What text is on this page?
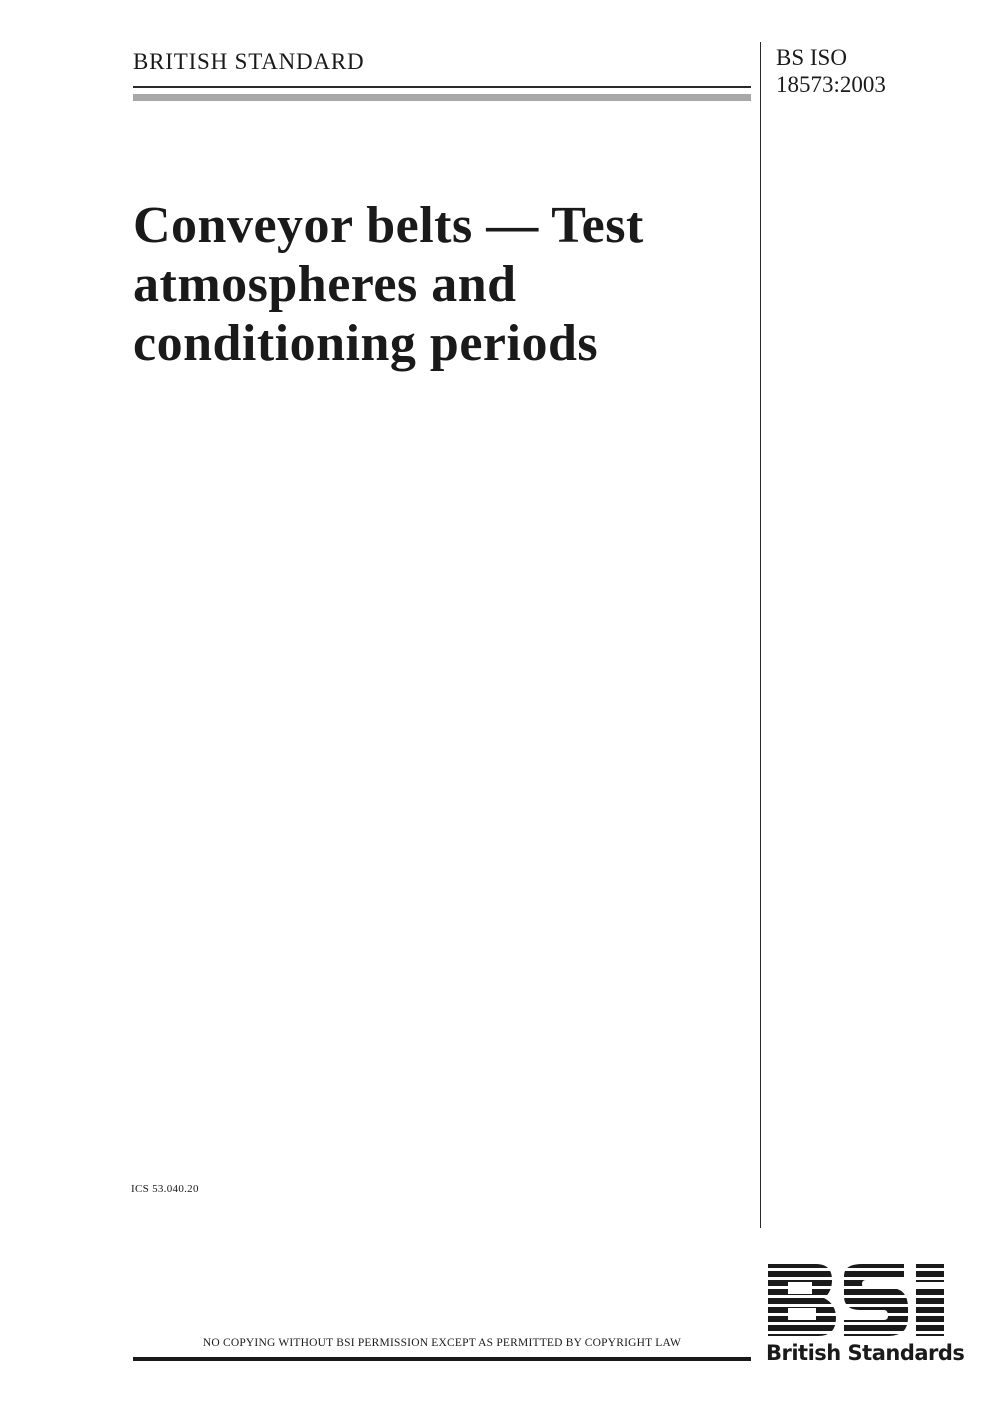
BRITISH STANDARD	BS ISO
18573:2003
Conveyor belts — Test
atmospheres and
conditioning periods
ICS 53.040.20
NO COPYING WITHOUT BSI PERMISSION EXCEPT AS PERMITTED BY COPYRIGHT LAW	British Standards
